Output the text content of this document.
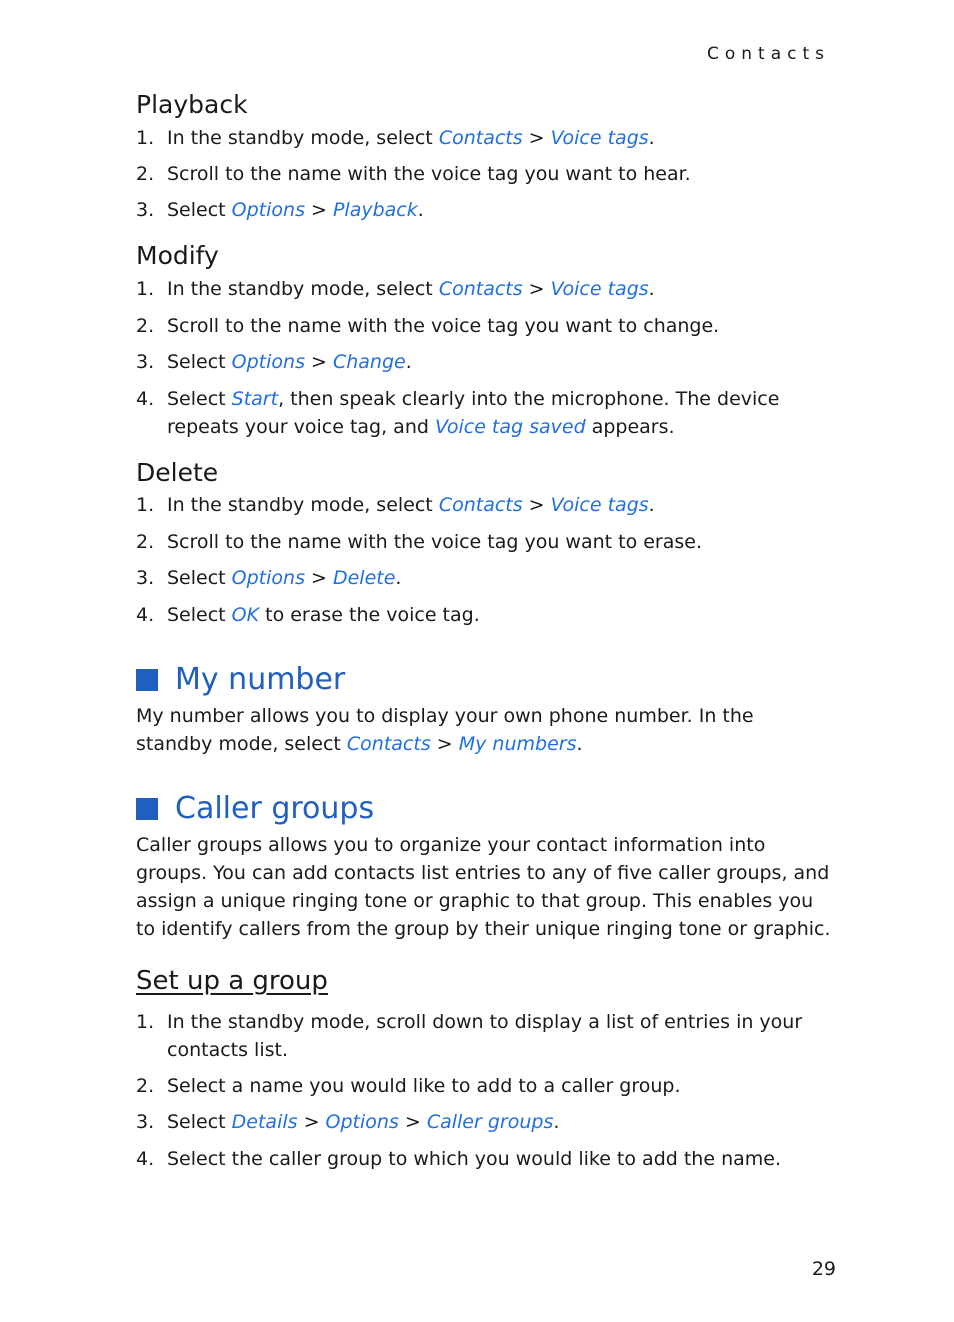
Contacts
Playback
1. In the standby mode, select Contacts > Voice tags.
2. Scroll to the name with the voice tag you want to hear.
3. Select Options > Playback.
Modify
1. In the standby mode, select Contacts > Voice tags.
2. Scroll to the name with the voice tag you want to change.
3. Select Options > Change.
4. Select Start, then speak clearly into the microphone. The device repeats your voice tag, and Voice tag saved appears.
Delete
1. In the standby mode, select Contacts > Voice tags.
2. Scroll to the name with the voice tag you want to erase.
3. Select Options > Delete.
4. Select OK to erase the voice tag.
My number

My number allows you to display your own phone number. In the standby mode, select Contacts > My numbers.

Caller groups

Caller groups allows you to organize your contact information into groups. You can add contacts list entries to any of five caller groups, and assign a unique ringing tone or graphic to that group. This enables you to identify callers from the group by their unique ringing tone or graphic.

Set up a group
1. In the standby mode, scroll down to display a list of entries in your contacts list.
2. Select a name you would like to add to a caller group.
3. Select Details > Options > Caller groups.
4. Select the caller group to which you would like to add the name.
29
